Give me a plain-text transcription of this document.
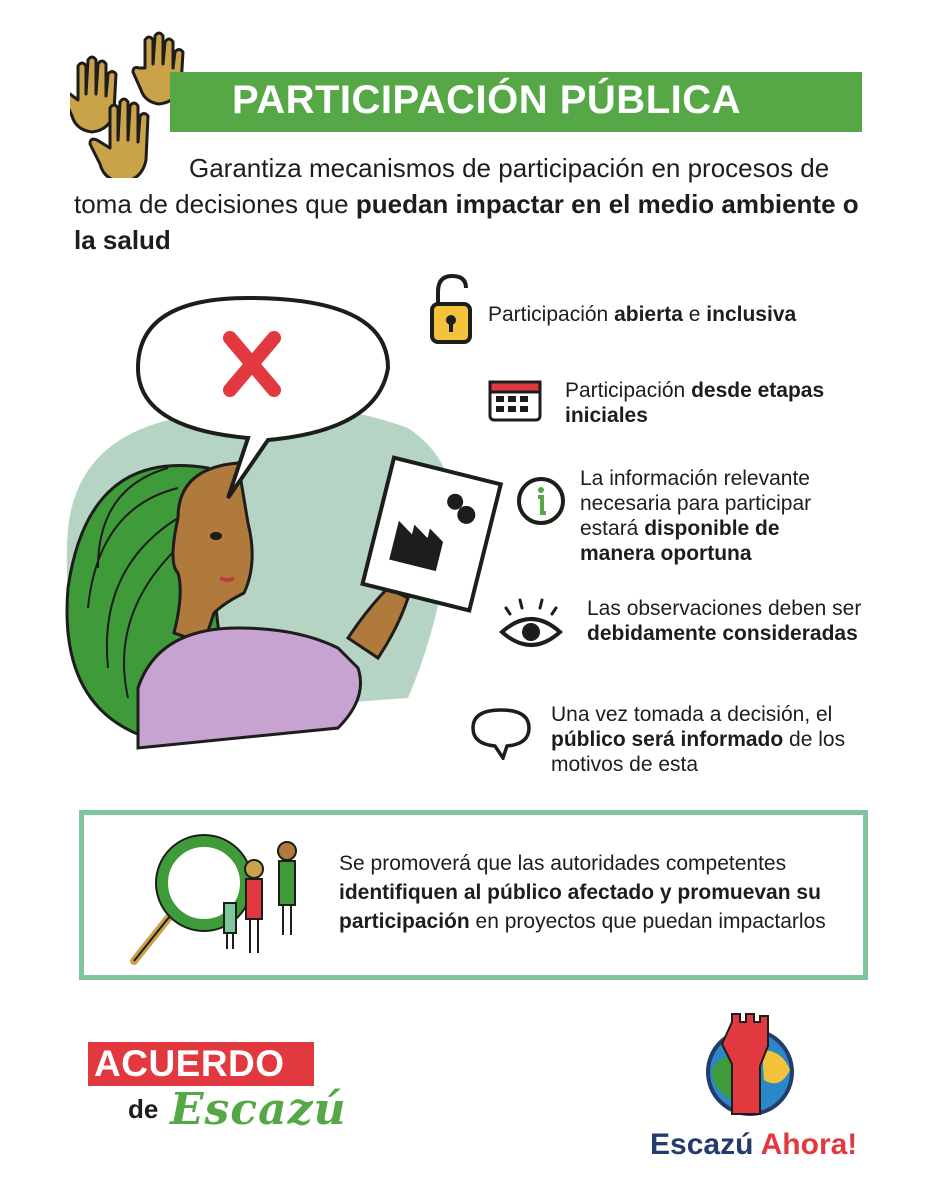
PARTICIPACIÓN PÚBLICA
Garantiza mecanismos de participación en procesos de toma de decisiones que puedan impactar en el medio ambiente o la salud
Participación abierta e inclusiva
Participación desde etapas iniciales
La información relevante necesaria para participar estará disponible de manera oportuna
Las observaciones deben ser debidamente consideradas
Una vez tomada a decisión, el público será informado de los motivos de esta
Se promoverá que las autoridades competentes identifiquen al público afectado y promuevan su participación en proyectos que puedan impactarlos
ACUERDO
de Escazú
Escazú Ahora!
